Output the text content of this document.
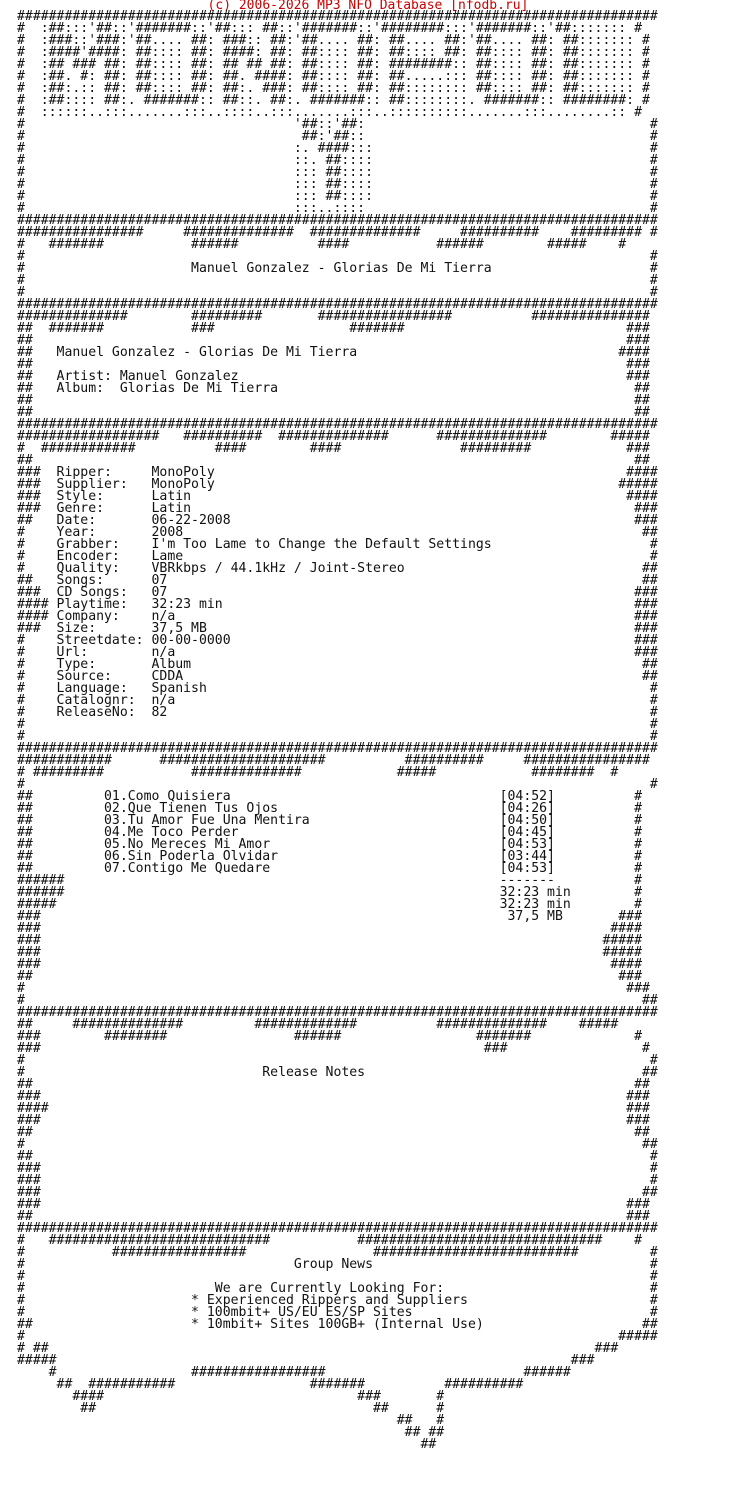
(c) 2006-2026 MP3 NFO Database [nfodb.ru]
#################################################################################
#  :##:::'##::'#######::'##::: ##::'#######::'########:::'#######::'##::::::: #
#  :###::'###:'##.... ##: ###:: ##:'##.... ##: ##.... ##:'##.... ##: ##::::::: #
#  :####'####: ##:::: ##: ####: ##: ##:::: ##: ##:::: ##: ##:::: ##: ##::::::: #
#  :## ### ##: ##:::: ##: ## ## ##: ##:::: ##: ########:: ##:::: ##: ##::::::: #
#  :##. #: ##: ##:::: ##: ##. ####: ##:::: ##: ##.....::: ##:::: ##: ##::::::: #
#  :##:.:: ##: ##:::: ##: ##:. ###: ##:::: ##: ##:::::::: ##:::: ##: ##::::::: #
#  :##:::: ##:. #######:: ##::. ##:. #######:: ##::::::::. #######:: ########: #
#  ::::::..:::.......:::..::::..:::.......:::..::::::::::.......:::........:: #
#                                  '##::'##:                                    #
#                                   ##:'##::                                    #
#                                  :. ####:::                                   #
#                                  ::. ##::::                                   #
#                                  ::: ##::::                                   #
#                                  ::: ##::::                                   #
#                                  ::: ##::::                                   #
#                                  :::..::::                                    #
#################################################################################
################     ##############  ##############     ##########    ######### #
#   #######           ######          ####           ######        #####    #
#                                                                               #
#                     Manuel Gonzalez - Glorias De Mi Tierra                    #
#                                                                               #
#                                                                               #
#################################################################################
##############        #########       #################          ###############
##  #######           ###                 #######                            ###
##                                                                           ###
##   Manuel Gonzalez - Glorias De Mi Tierra                                 ####
##                                                                           ###
##   Artist: Manuel Gonzalez                                                 ###
##   Album:  Glorias De Mi Tierra                                             ##
##                                                                            ##
##                                                                            ##
#################################################################################
##################   ##########  ##############      ##############        #####
#  ############          ####        ####               #########            ###
##                                                                            ##
###  Ripper:     MonoPoly                                                    ####
###  Supplier:   MonoPoly                                                   #####
###  Style:      Latin                                                       ####
###  Genre:      Latin                                                        ###
##   Date:       06-22-2008                                                   ###
#    Year:       2008                                                          ##
#    Grabber:    I'm Too Lame to Change the Default Settings                    #
#    Encoder:    Lame                                                           #
#    Quality:    VBRkbps / 44.1kHz / Joint-Stereo                              ##
##   Songs:      07                                                            ##
###  CD Songs:   07                                                           ###
#### Playtime:   32:23 min                                                    ###
#### Company:    n/a                                                          ###
###  Size:       37,5 MB                                                      ###
#    Streetdate: 00-00-0000                                                   ###
#    Url:        n/a                                                          ###
#    Type:       Album                                                         ##
#    Source:     CDDA                                                          ##
#    Language:   Spanish                                                        #
#    Catalognr:  n/a                                                            #
#    ReleaseNo:  82                                                             #
#                                                                               #
#                                                                               #
#################################################################################
############      #####################          ##########     ################
# #########           ##############            #####            ########  #
#                                                                               #
##         01.Como Quisiera                                  [04:52]          #
##         02.Que Tienen Tus Ojos                            [04:26]          #
##         03.Tu Amor Fue Una Mentira                        [04:50]          #
##         04.Me Toco Perder                                 [04:45]          #
##         05.No Mereces Mi Amor                             [04:53]          #
##         06.Sin Poderla Olvidar                            [03:44]          #
##         07.Contigo Me Quedare                             [04:53]          #
######                                                       -------          #
######                                                       32:23 min        #
#####                                                        32:23 min        #
###                                                           37,5 MB       ###
###                                                                        ####
###                                                                       #####
###                                                                       #####
###                                                                        ####
##                                                                          ###
#                                                                            ###
#                                                                              ##
#################################################################################
##     ##############         #############          ##############    #####
###        ########                ######                 #######             #
###                                                        ###                 #
#                                                                               #
#                              Release Notes                                   ##
##                                                                            ##
###                                                                          ###
####                                                                         ###
###                                                                          ###
##                                                                            ##
#                                                                              ##
##                                                                              #
###                                                                             #
###                                                                             #
###                                                                            ##
###                                                                          ###
##                                                                           ###
#################################################################################
#   ############################           ###############################    #
#           #################                ##########################         #
#                                  Group News                                   #
#                                                                               #
#                        We are Currently Looking For:                          #
#                     * Experienced Rippers and Suppliers                       #
#                     * 100mbit+ US/EU ES/SP Sites                              #
##                    * 10mbit+ Sites 100GB+ (Internal Use)                    ##
#                                                                           #####
# ##                                                                     ###
#####                                                                 ###
#                 #################                         ######
##  ###########                 #######          ##########
####                                ###       #
##                                   ##      #
##   #
## ##
##
